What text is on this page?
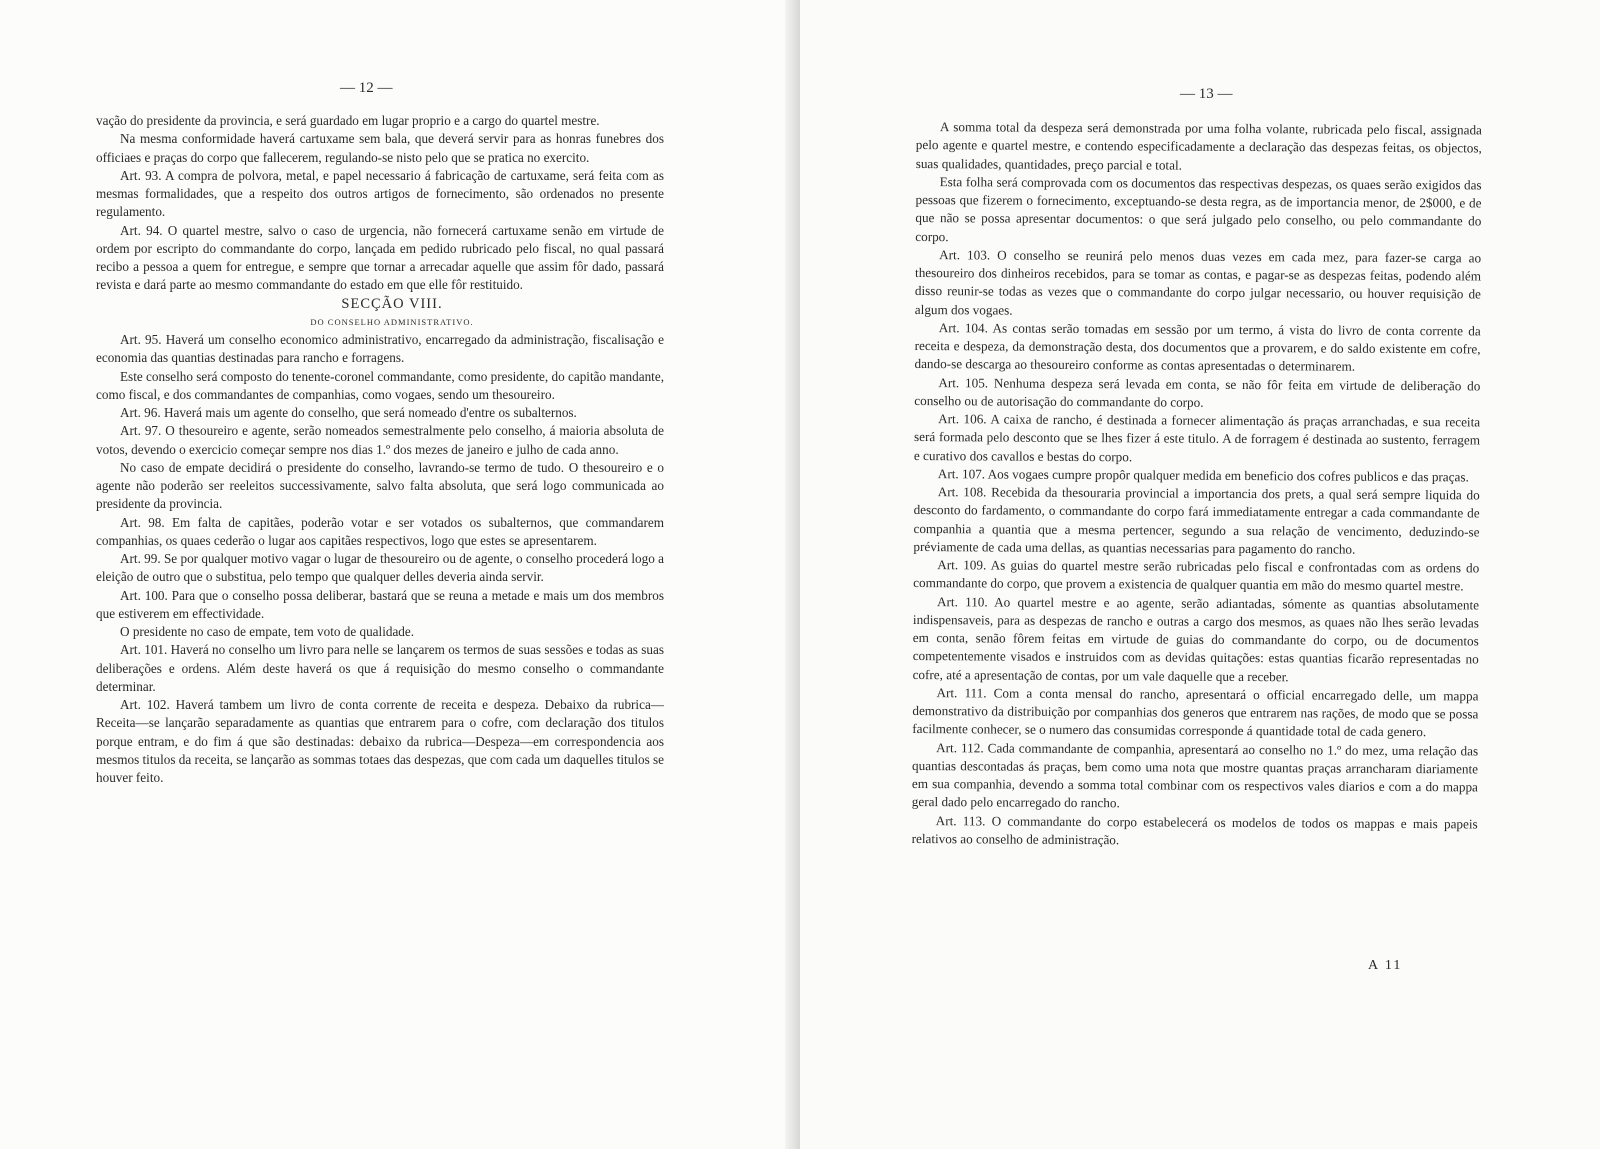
— 12 —

vação do presidente da provincia, e será guardado em lugar proprio e a cargo do quartel mestre.

Na mesma conformidade haverá cartuxame sem bala, que deverá servir para as honras funebres dos officiaes e praças do corpo que fallecerem, regulando-se nisto pelo que se pratica no exercito.

Art. 93. A compra de polvora, metal, e papel necessario á fabricação de cartuxame, será feita com as mesmas formalidades, que a respeito dos outros artigos de fornecimento, são ordenados no presente regulamento.

Art. 94. O quartel mestre, salvo o caso de urgencia, não fornecerá cartuxame senão em virtude de ordem por escripto do commandante do corpo, lançada em pedido rubricado pelo fiscal, no qual passará recibo a pessoa a quem for entregue, e sempre que tornar a arrecadar aquelle que assim fôr dado, passará revista e dará parte ao mesmo commandante do estado em que elle fôr restituido.

SECÇÃO VIII.

DO CONSELHO ADMINISTRATIVO.

Art. 95. Haverá um conselho economico administrativo, encarregado da administração, fiscalisação e economia das quantias destinadas para rancho e forragens.

Este conselho será composto do tenente-coronel commandante, como presidente, do capitão mandante, como fiscal, e dos commandantes de companhias, como vogaes, sendo um thesoureiro.

Art. 96. Haverá mais um agente do conselho, que será nomeado d'entre os subalternos.

Art. 97. O thesoureiro e agente, serão nomeados semestralmente pelo conselho, á maioria absoluta de votos, devendo o exercicio começar sempre nos dias 1.º dos mezes de janeiro e julho de cada anno.

No caso de empate decidirá o presidente do conselho, lavrando-se termo de tudo. O thesoureiro e o agente não poderão ser reeleitos successivamente, salvo falta absoluta, que será logo communicada ao presidente da provincia.

Art. 98. Em falta de capitães, poderão votar e ser votados os subalternos, que commandarem companhias, os quaes cederão o lugar aos capitães respectivos, logo que estes se apresentarem.

Art. 99. Se por qualquer motivo vagar o lugar de thesoureiro ou de agente, o conselho procederá logo a eleição de outro que o substitua, pelo tempo que qualquer delles deveria ainda servir.

Art. 100. Para que o conselho possa deliberar, bastará que se reuna a metade e mais um dos membros que estiverem em effectividade.

O presidente no caso de empate, tem voto de qualidade.

Art. 101. Haverá no conselho um livro para nelle se lançarem os termos de suas sessões e todas as suas deliberações e ordens. Além deste haverá os que á requisição do mesmo conselho o commandante determinar.

Art. 102. Haverá tambem um livro de conta corrente de receita e despeza. Debaixo da rubrica—Receita—se lançarão separadamente as quantias que entrarem para o cofre, com declaração dos titulos porque entram, e do fim á que são destinadas: debaixo da rubrica—Despeza—em correspondencia aos mesmos titulos da receita, se lançarão as sommas totaes das despezas, que com cada um daquelles titulos se houver feito.

— 13 —

A somma total da despeza será demonstrada por uma folha volante, rubricada pelo fiscal, assignada pelo agente e quartel mestre, e contendo especificadamente a declaração das despezas feitas, os objectos, suas qualidades, quantidades, preço parcial e total.

Esta folha será comprovada com os documentos das respectivas despezas, os quaes serão exigidos das pessoas que fizerem o fornecimento, exceptuando-se desta regra, as de importancia menor, de 2$000, e de que não se possa apresentar documentos: o que será julgado pelo conselho, ou pelo commandante do corpo.

Art. 103. O conselho se reunirá pelo menos duas vezes em cada mez, para fazer-se carga ao thesoureiro dos dinheiros recebidos, para se tomar as contas, e pagar-se as despezas feitas, podendo além disso reunir-se todas as vezes que o commandante do corpo julgar necessario, ou houver requisição de algum dos vogaes.

Art. 104. As contas serão tomadas em sessão por um termo, á vista do livro de conta corrente da receita e despeza, da demonstração desta, dos documentos que a provarem, e do saldo existente em cofre, dando-se descarga ao thesoureiro conforme as contas apresentadas o determinarem.

Art. 105. Nenhuma despeza será levada em conta, se não fôr feita em virtude de deliberação do conselho ou de autorisação do commandante do corpo.

Art. 106. A caixa de rancho, é destinada a fornecer alimentação ás praças arranchadas, e sua receita será formada pelo desconto que se lhes fizer á este titulo. A de forragem é destinada ao sustento, ferragem e curativo dos cavallos e bestas do corpo.

Art. 107. Aos vogaes cumpre propôr qualquer medida em beneficio dos cofres publicos e das praças.

Art. 108. Recebida da thesouraria provincial a importancia dos prets, a qual será sempre liquida do desconto do fardamento, o commandante do corpo fará immediatamente entregar a cada commandante de companhia a quantia que a mesma pertencer, segundo a sua relação de vencimento, deduzindo-se préviamente de cada uma dellas, as quantias necessarias para pagamento do rancho.

Art. 109. As guias do quartel mestre serão rubricadas pelo fiscal e confrontadas com as ordens do commandante do corpo, que provem a existencia de qualquer quantia em mão do mesmo quartel mestre.

Art. 110. Ao quartel mestre e ao agente, serão adiantadas, sómente as quantias absolutamente indispensaveis, para as despezas de rancho e outras a cargo dos mesmos, as quaes não lhes serão levadas em conta, senão fôrem feitas em virtude de guias do commandante do corpo, ou de documentos competentemente visados e instruidos com as devidas quitações: estas quantias ficarão representadas no cofre, até a apresentação de contas, por um vale daquelle que a receber.

Art. 111. Com a conta mensal do rancho, apresentará o official encarregado delle, um mappa demonstrativo da distribuição por companhias dos generos que entrarem nas rações, de modo que se possa facilmente conhecer, se o numero das consumidas corresponde á quantidade total de cada genero.

Art. 112. Cada commandante de companhia, apresentará ao conselho no 1.º do mez, uma relação das quantias descontadas ás praças, bem como uma nota que mostre quantas praças arrancharam diariamente em sua companhia, devendo a somma total combinar com os respectivos vales diarios e com a do mappa geral dado pelo encarregado do rancho.

Art. 113. O commandante do corpo estabelecerá os modelos de todos os mappas e mais papeis relativos ao conselho de administração.

A 11
